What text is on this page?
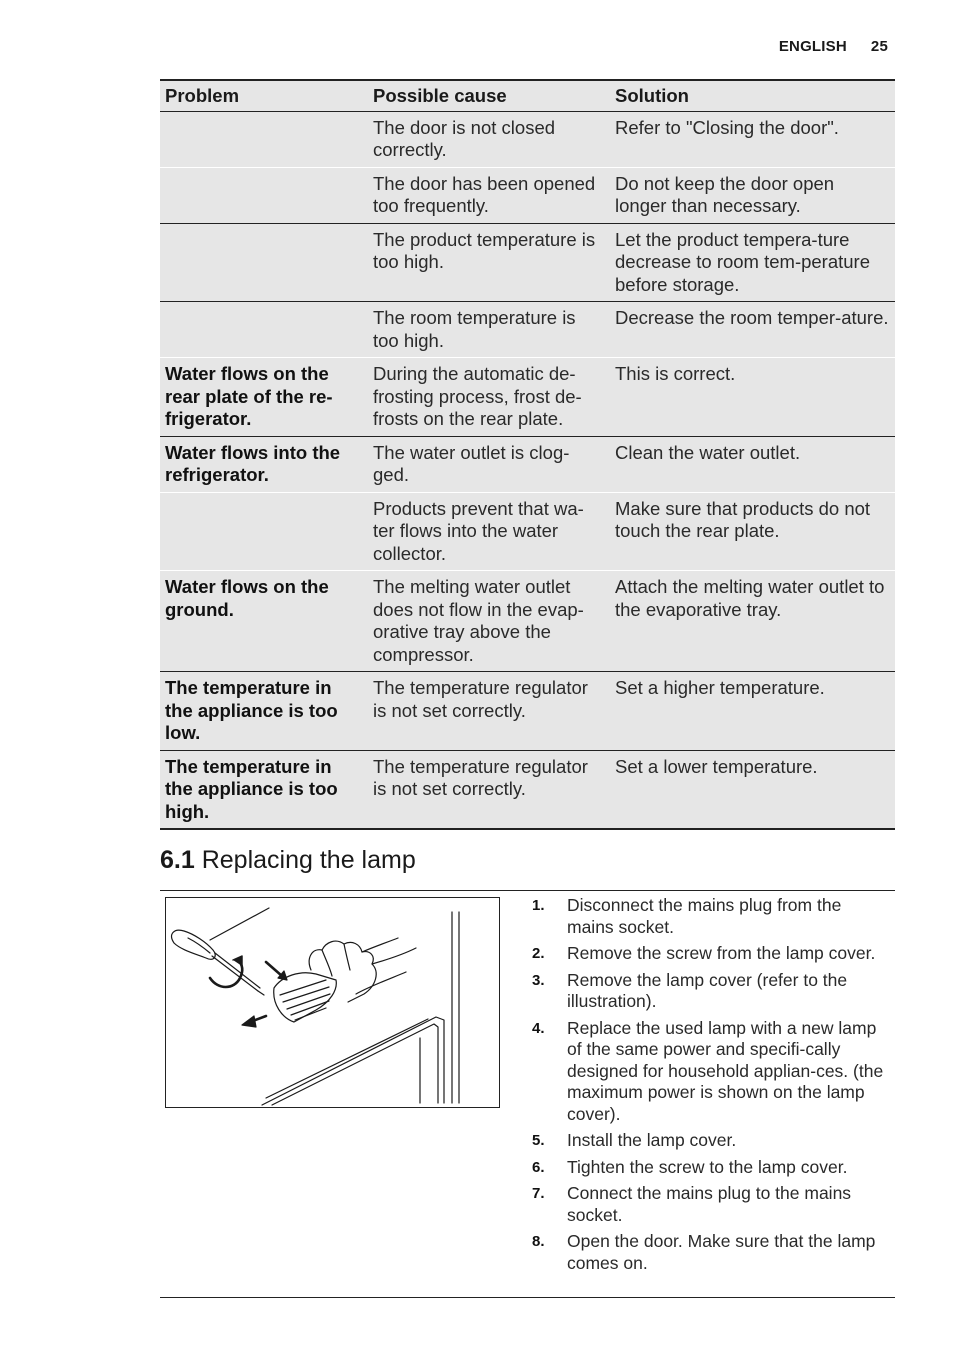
ENGLISH 25
Problem	Possible cause	Solution
	The door is not closed correctly.	Refer to "Closing the door".
	The door has been opened too frequently.	Do not keep the door open longer than necessary.
	The product temperature is too high.	Let the product tempera-ture decrease to room tem-perature before storage.
	The room temperature is too high.	Decrease the room temper-ature.
Water flows on the rear plate of the re-frigerator.	During the automatic de-frosting process, frost de-frosts on the rear plate.	This is correct.
Water flows into the refrigerator.	The water outlet is clog-ged.	Clean the water outlet.
	Products prevent that wa-ter flows into the water collector.	Make sure that products do not touch the rear plate.
Water flows on the ground.	The melting water outlet does not flow in the evap-orative tray above the compressor.	Attach the melting water outlet to the evaporative tray.
The temperature in the appliance is too low.	The temperature regulator is not set correctly.	Set a higher temperature.
The temperature in the appliance is too high.	The temperature regulator is not set correctly.	Set a lower temperature.
6.1 Replacing the lamp
1. Disconnect the mains plug from the mains socket.
2. Remove the screw from the lamp cover.
3. Remove the lamp cover (refer to the illustration).
4. Replace the used lamp with a new lamp of the same power and specifi-cally designed for household applian-ces. (the maximum power is shown on the lamp cover).
5. Install the lamp cover.
6. Tighten the screw to the lamp cover.
7. Connect the mains plug to the mains socket.
8. Open the door. Make sure that the lamp comes on.
